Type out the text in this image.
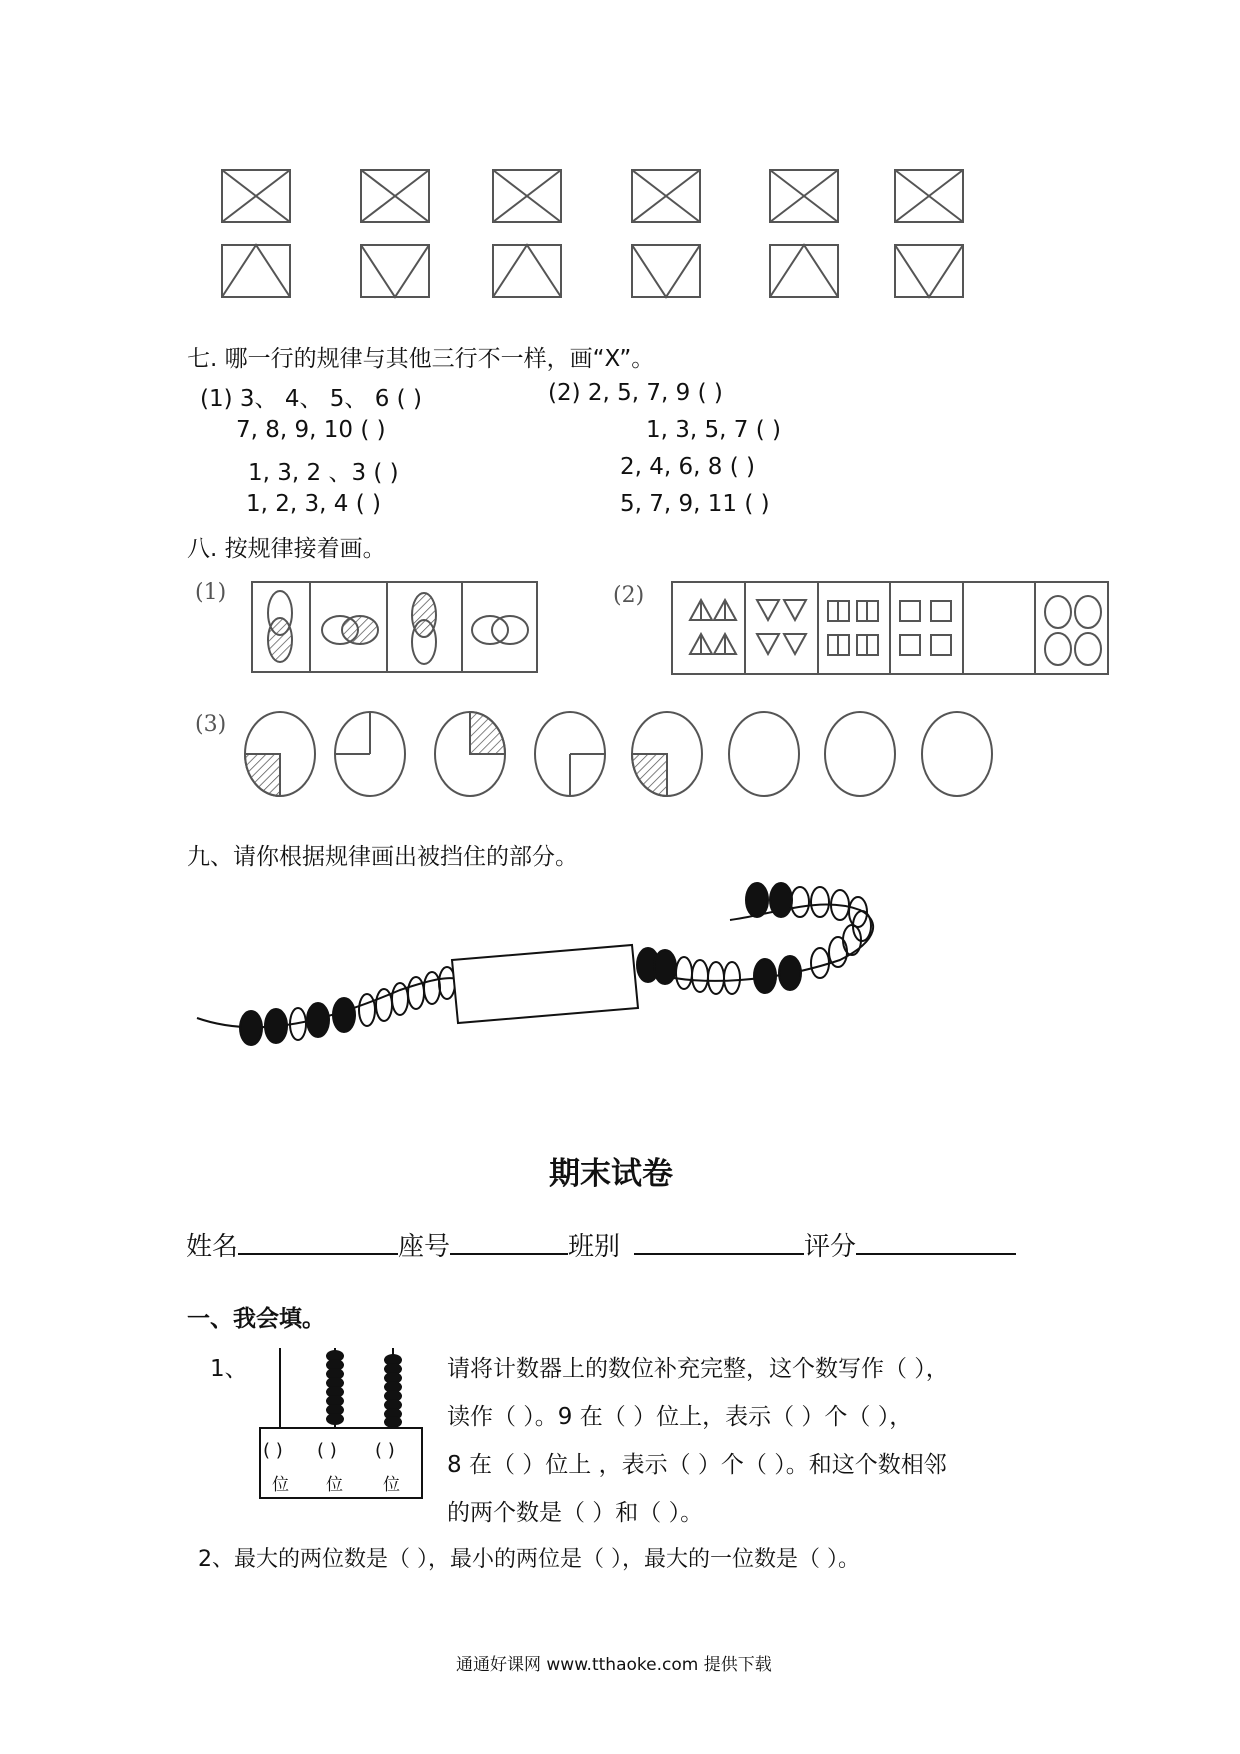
七. 哪一行的规律与其他三行不一样，画“X”。
(1) 3、 4、 5、 6 ( )	(2) 2, 5, 7, 9 ( )
7, 8, 9, 10 ( )	1, 3, 5, 7 ( )
1, 3, 2 、3 ( )	2, 4, 6, 8 ( )
1, 2, 3, 4 ( )	5, 7, 9, 11 ( )
八. 按规律接着画。
(1)	(2)
(3)
九、请你根据规律画出被挡住的部分。
期末试卷
姓名	座号	班别	评分
一、我会填。
1、
( ) ( ) ( )
位 位 位
请将计数器上的数位补充完整，这个数写作（ ），
读作（ ）。9 在（ ）位上，表示（ ）个（ ），
8 在（ ）位上 ，表示（ ）个（ ）。和这个数相邻
的两个数是（ ）和（ ）。
2、最大的两位数是（ ），最小的两位是（ ），最大的一位数是（ ）。
通通好课网 www.tthaoke.com 提供下载
